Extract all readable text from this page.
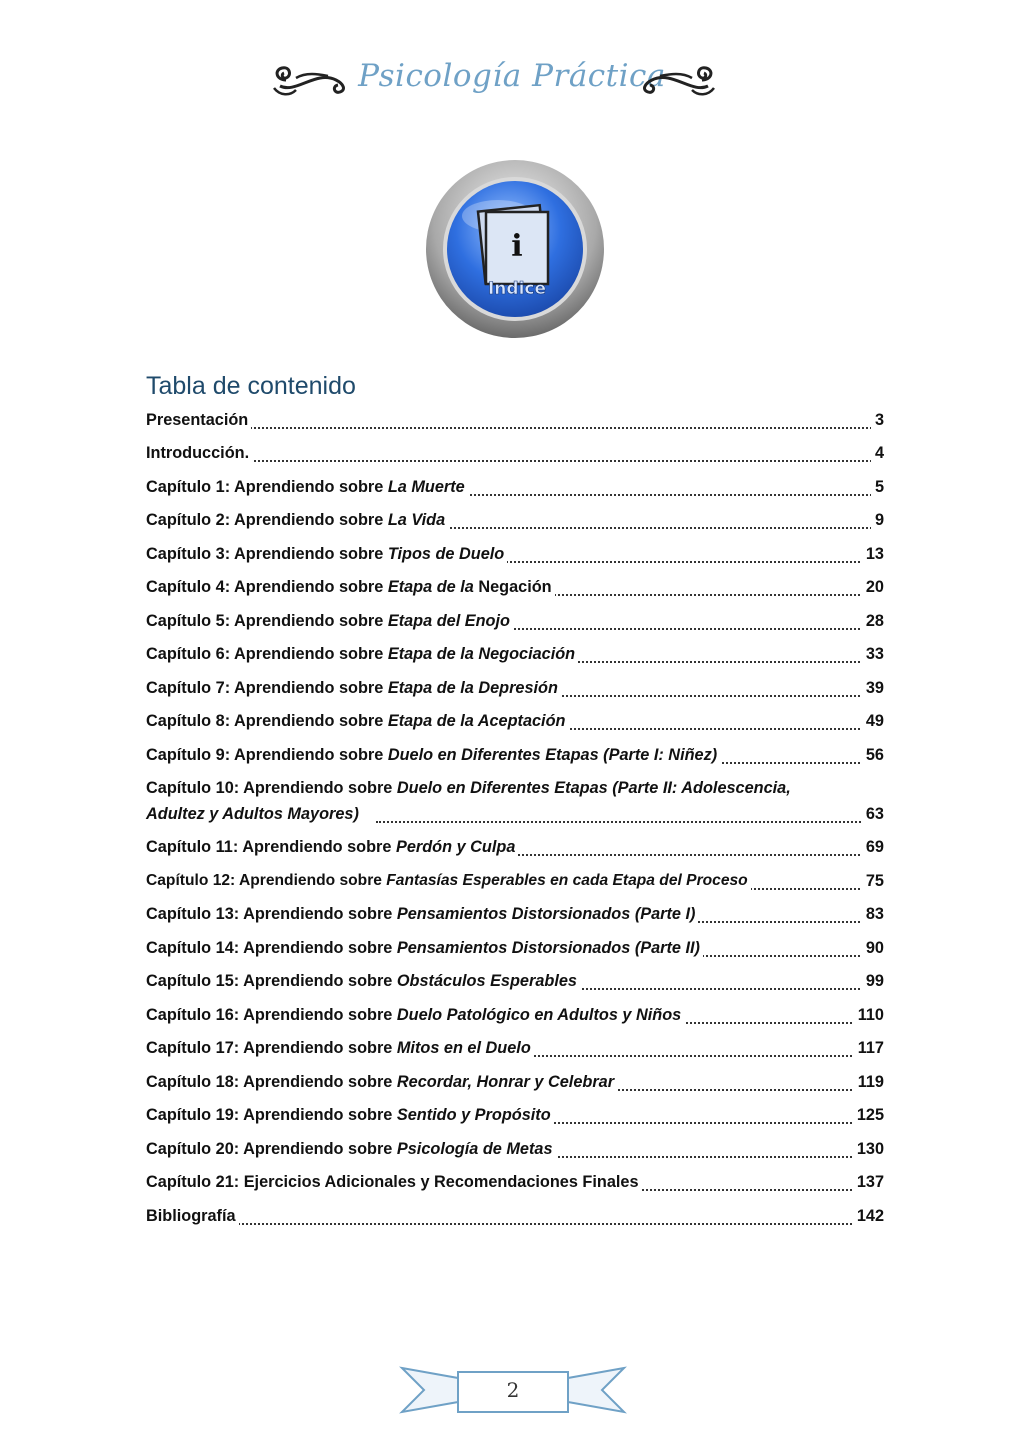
Psicología Práctica
i
Indice
Tabla de contenido
Presentación	3
Introducción.	4
Capítulo 1: Aprendiendo sobre La Muerte	5
Capítulo 2: Aprendiendo sobre La Vida	9
Capítulo 3: Aprendiendo sobre Tipos de Duelo	13
Capítulo 4: Aprendiendo sobre Etapa de la Negación	20
Capítulo 5: Aprendiendo sobre Etapa del Enojo	28
Capítulo 6: Aprendiendo sobre Etapa de la Negociación	33
Capítulo 7: Aprendiendo sobre Etapa de la Depresión	39
Capítulo 8: Aprendiendo sobre Etapa de la Aceptación	49
Capítulo 9: Aprendiendo sobre Duelo en Diferentes Etapas (Parte I: Niñez)	56
Capítulo 10: Aprendiendo sobre Duelo en Diferentes Etapas (Parte II: Adolescencia,
Adultez y Adultos Mayores)	63
Capítulo 11: Aprendiendo sobre Perdón y Culpa	69
Capítulo 12: Aprendiendo sobre Fantasías Esperables en cada Etapa del Proceso	75
Capítulo 13: Aprendiendo sobre Pensamientos Distorsionados (Parte I)	83
Capítulo 14: Aprendiendo sobre Pensamientos Distorsionados (Parte II)	90
Capítulo 15: Aprendiendo sobre Obstáculos Esperables	99
Capítulo 16: Aprendiendo sobre Duelo Patológico en Adultos y Niños	110
Capítulo 17: Aprendiendo sobre Mitos en el Duelo	117
Capítulo 18: Aprendiendo sobre Recordar, Honrar y Celebrar	119
Capítulo 19: Aprendiendo sobre Sentido y Propósito	125
Capítulo 20: Aprendiendo sobre Psicología de Metas	130
Capítulo 21: Ejercicios Adicionales y Recomendaciones Finales	137
Bibliografía	142
2
